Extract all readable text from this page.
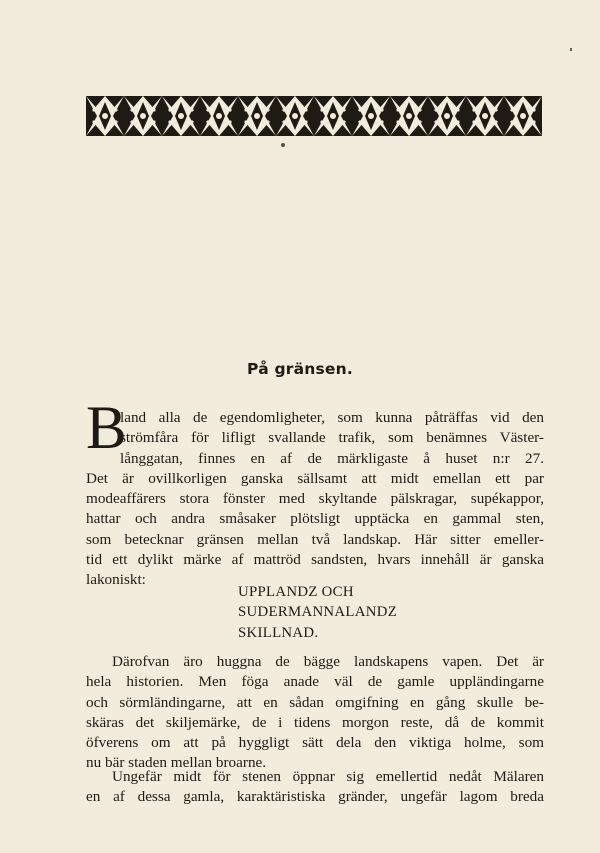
På gränsen.
B
land alla de egendomligheter, som kunna påträffas vid den
strömfåra för lifligt svallande trafik, som benämnes Väster-
långgatan, finnes en af de märkligaste å huset n:r 27.
Det är ovillkorligen ganska sällsamt att midt emellan ett par
modeaffärers stora fönster med skyltande pälskragar, supékappor,
hattar och andra småsaker plötsligt upptäcka en gammal sten,
som betecknar gränsen mellan två landskap. Här sitter emeller-
tid ett dylikt märke af mattröd sandsten, hvars innehåll är ganska
lakoniskt:
UPPLANDZ OCH
SUDERMANNALANDZ
SKILLNAD.
Därofvan äro huggna de bägge landskapens vapen. Det är
hela historien. Men föga anade väl de gamle uppländingarne
och sörmländingarne, att en sådan omgifning en gång skulle be-
skäras det skiljemärke, de i tidens morgon reste, då de kommit
öfverens om att på hyggligt sätt dela den viktiga holme, som
nu bär staden mellan broarne.
Ungefär midt för stenen öppnar sig emellertid nedåt Mälaren
en af dessa gamla, karaktäristiska gränder, ungefär lagom breda
